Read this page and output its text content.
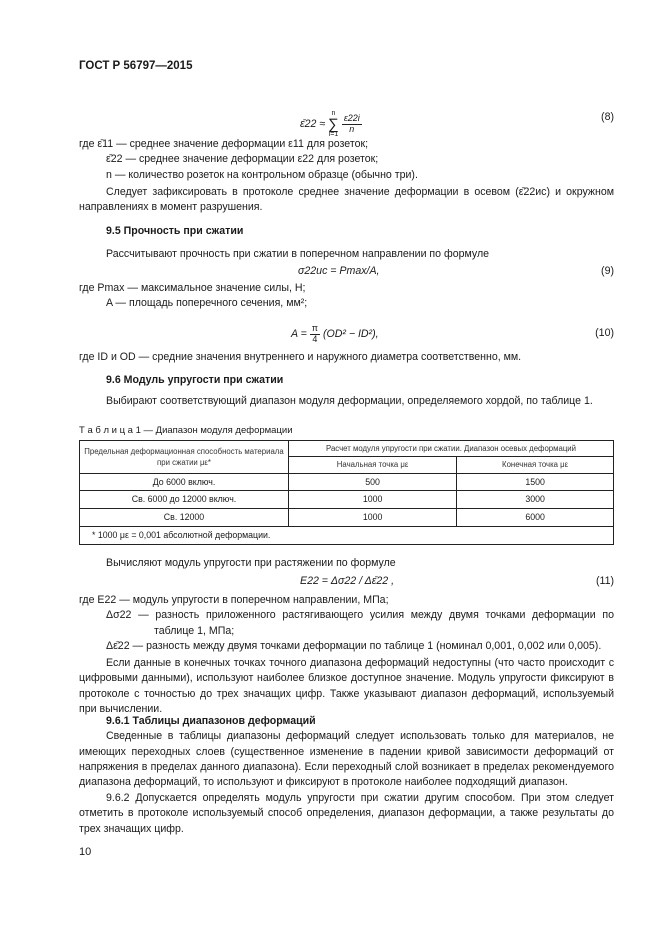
ГОСТ Р 56797—2015
ε̄22 ≈
n
∑
i=1
$\frac{\varepsilon 22i}{n}$	(8)

где ε̄11 — среднее значение деформации ε11 для розеток;

ε̄22 — среднее значение деформации ε22 для розеток;

n — количество розеток на контрольном образце (обычно три).

Следует зафиксировать в протоколе среднее значение деформации в осевом (ε̄22ис) и окружном направлениях в момент разрушения.

9.5 Прочность при сжатии

Рассчитывают прочность при сжатии в поперечном направлении по формуле

σ22ис = Pmax/A,	(9)

где Pmax — максимальное значение силы, Н;

A — площадь поперечного сечения, мм²;

$A = \frac{\pi}{4} (OD^2 - ID^2)$,	(10)

где ID и OD — средние значения внутреннего и наружного диаметра соответственно, мм.

9.6 Модуль упругости при сжатии

Выбирают соответствующий диапазон модуля деформации, определяемого хордой, по таблице 1.

Т а б л и ц а 1 — Диапазон модуля деформации
Предельная деформационная способность материала при сжатии με*	Расчет модуля упругости при сжатии. Диапазон осевых деформаций	
	Начальная точка με	Конечная точка με
До 6000 включ.	500	1500
Св. 6000 до 12000 включ.	1000	3000
Св. 12000	1000	6000
* 1000 με = 0,001 абсолютной деформации.		

Вычисляют модуль упругости при растяжении по формуле

E22 = Δσ22 / Δε̄22 ,	(11)

где E22 — модуль упругости в поперечном направлении, МПа;

Δσ22 — разность приложенного растягивающего усилия между двумя точками деформации по таблице 1, МПа;

Δε̄22 — разность между двумя точками деформации по таблице 1 (номинал 0,001, 0,002 или 0,005).

Если данные в конечных точках точного диапазона деформаций недоступны (что часто происходит с цифровыми данными), используют наиболее близкое доступное значение. Модуль упругости фиксируют в протоколе с точностью до трех значащих цифр. Также указывают диапазон деформаций, используемый при вычислении.

9.6.1 Таблицы диапазонов деформаций

Сведенные в таблицы диапазоны деформаций следует использовать только для материалов, не имеющих переходных слоев (существенное изменение в падении кривой зависимости деформаций от напряжения в пределах данного диапазона). Если переходный слой возникает в пределах рекомендуемого диапазона деформаций, то используют и фиксируют в протоколе наиболее подходящий диапазон.

9.6.2 Допускается определять модуль упругости при сжатии другим способом. При этом следует отметить в протоколе используемый способ определения, диапазон деформации, а также результаты до трех значащих цифр.

10
